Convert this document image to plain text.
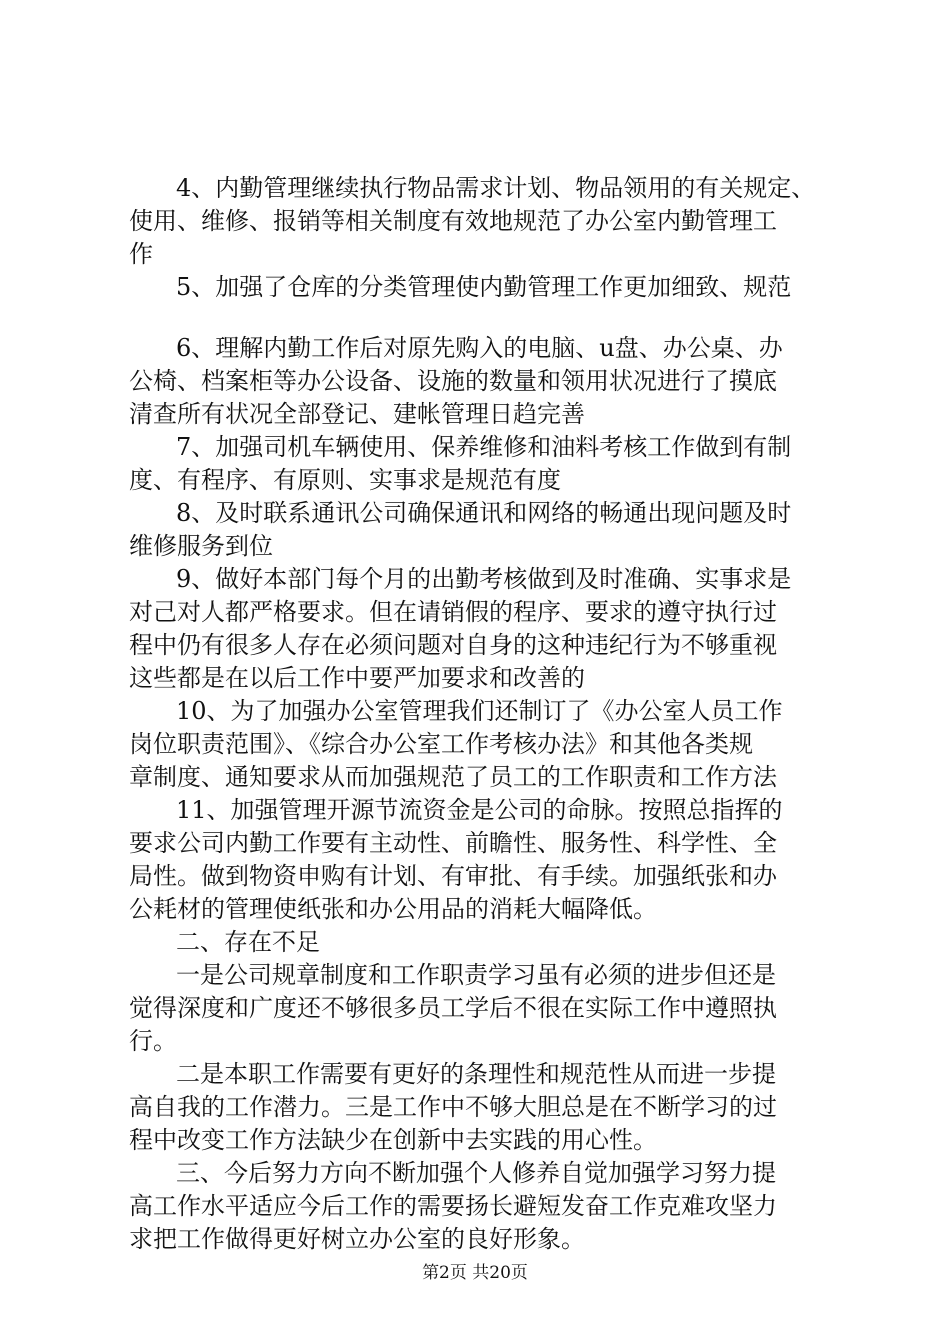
4、内勤管理继续执行物品需求计划、物品领用的有关规定、
使用、维修、报销等相关制度有效地规范了办公室内勤管理工
作
5、加强了仓库的分类管理使内勤管理工作更加细致、规范
6、理解内勤工作后对原先购入的电脑、u盘、办公桌、办
公椅、档案柜等办公设备、设施的数量和领用状况进行了摸底
清查所有状况全部登记、建帐管理日趋完善
7、加强司机车辆使用、保养维修和油料考核工作做到有制
度、有程序、有原则、实事求是规范有度
8、及时联系通讯公司确保通讯和网络的畅通出现问题及时
维修服务到位
9、做好本部门每个月的出勤考核做到及时准确、实事求是
对己对人都严格要求。但在请销假的程序、要求的遵守执行过
程中仍有很多人存在必须问题对自身的这种违纪行为不够重视
这些都是在以后工作中要严加要求和改善的
10、为了加强办公室管理我们还制订了《办公室人员工作
岗位职责范围》、《综合办公室工作考核办法》和其他各类规
章制度、通知要求从而加强规范了员工的工作职责和工作方法
11、加强管理开源节流资金是公司的命脉。按照总指挥的
要求公司内勤工作要有主动性、前瞻性、服务性、科学性、全
局性。做到物资申购有计划、有审批、有手续。加强纸张和办
公耗材的管理使纸张和办公用品的消耗大幅降低。
二、存在不足
一是公司规章制度和工作职责学习虽有必须的进步但还是
觉得深度和广度还不够很多员工学后不很在实际工作中遵照执
行。
二是本职工作需要有更好的条理性和规范性从而进一步提
高自我的工作潜力。三是工作中不够大胆总是在不断学习的过
程中改变工作方法缺少在创新中去实践的用心性。
三、今后努力方向不断加强个人修养自觉加强学习努力提
高工作水平适应今后工作的需要扬长避短发奋工作克难攻坚力
求把工作做得更好树立办公室的良好形象。
第2页 共20页
